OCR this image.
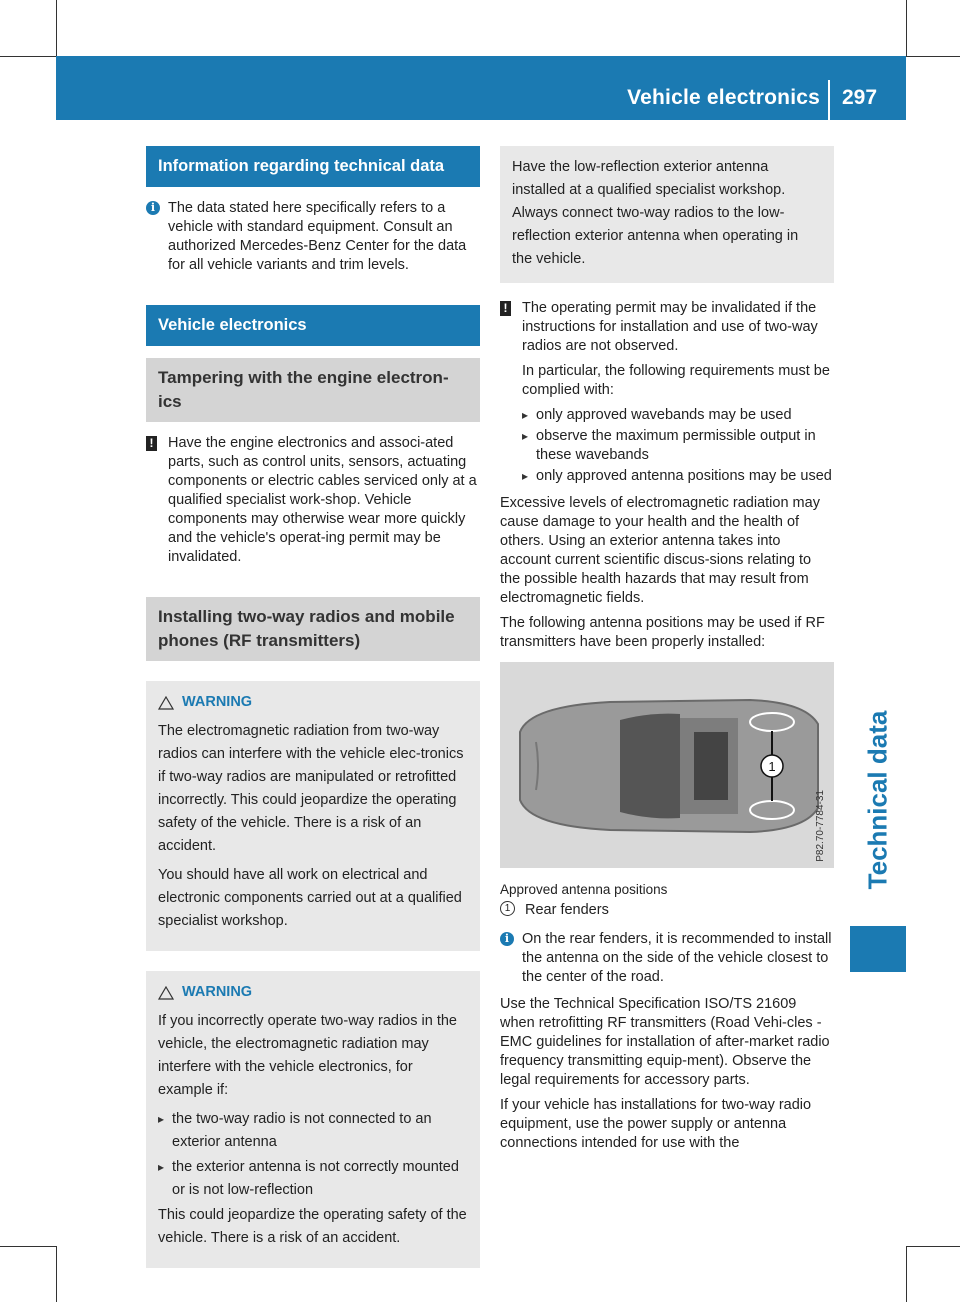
Vehicle electronics 297
Technical data
Information regarding technical data
i The data stated here specifically refers to a vehicle with standard equipment. Consult an authorized Mercedes-Benz Center for the data for all vehicle variants and trim levels.
Vehicle electronics
Tampering with the engine electron-ics
! Have the engine electronics and associ-ated parts, such as control units, sensors, actuating components or electric cables serviced only at a qualified specialist work-shop. Vehicle components may otherwise wear more quickly and the vehicle's operat-ing permit may be invalidated.
Installing two-way radios and mobile phones (RF transmitters)
WARNING

The electromagnetic radiation from two-way radios can interfere with the vehicle elec-tronics if two-way radios are manipulated or retrofitted incorrectly. This could jeopardize the operating safety of the vehicle. There is a risk of an accident.

You should have all work on electrical and electronic components carried out at a qualified specialist workshop.

WARNING

If you incorrectly operate two-way radios in the vehicle, the electromagnetic radiation may interfere with the vehicle electronics, for example if:

▸ the two-way radio is not connected to an exterior antenna
▸ the exterior antenna is not correctly mounted or is not low-reflection

This could jeopardize the operating safety of the vehicle. There is a risk of an accident.

Have the low-reflection exterior antenna installed at a qualified specialist workshop. Always connect two-way radios to the low-reflection exterior antenna when operating in the vehicle.
! The operating permit may be invalidated if the instructions for installation and use of two-way radios are not observed.

In particular, the following requirements must be complied with:

▸ only approved wavebands may be used
▸ observe the maximum permissible output in these wavebands
▸ only approved antenna positions may be used

Excessive levels of electromagnetic radiation may cause damage to your health and the health of others. Using an exterior antenna takes into account current scientific discus-sions relating to the possible health hazards that may result from electromagnetic fields.

The following antenna positions may be used if RF transmitters have been properly installed:

1
P82.70-7784-31
Approved antenna positions
1	Rear fenders
i On the rear fenders, it is recommended to install the antenna on the side of the vehicle closest to the center of the road.

Use the Technical Specification ISO/TS 21609 when retrofitting RF transmitters (Road Vehi-cles - EMC guidelines for installation of after-market radio frequency transmitting equip-ment). Observe the legal requirements for accessory parts.

If your vehicle has installations for two-way radio equipment, use the power supply or antenna connections intended for use with the
